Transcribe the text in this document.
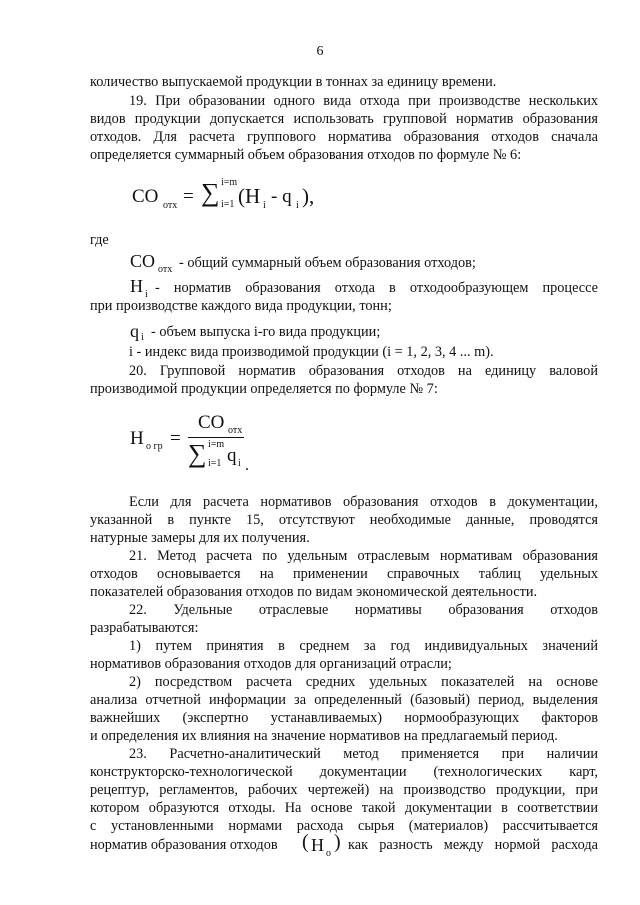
6
количество выпускаемой продукции в тоннах за единицу времени.
19. При образовании одного вида отхода при производстве нескольких
видов продукции допускается использовать групповой норматив образования
отходов. Для расчета группового норматива образования отходов сначала
определяется суммарный объем образования отходов по формуле № 6:
CO отх = ∑ i=m
i=1 (H i - q i ),
где
CO отх - общий суммарный объем образования отходов;
H i - норматив образования отхода в отходообразующем процессе
при производстве каждого вида продукции, тонн;
q i - объем выпуска i-го вида продукции;
i - индекс вида производимой продукции (i = 1, 2, 3, 4 ... m).
20. Групповой норматив образования отходов на единицу валовой
производимой продукции определяется по формуле № 7:
H о гр =
CO отх
∑ i=m
i=1 q i .
Если для расчета нормативов образования отходов в документации,
указанной в пункте 15, отсутствуют необходимые данные, проводятся
натурные замеры для их получения.
21. Метод расчета по удельным отраслевым нормативам образования
отходов основывается на применении справочных таблиц удельных
показателей образования отходов по видам экономической деятельности.
22. Удельные отраслевые нормативы образования отходов
разрабатываются:
1) путем принятия в среднем за год индивидуальных значений
нормативов образования отходов для организаций отрасли;
2) посредством расчета средних удельных показателей на основе
анализа отчетной информации за определенный (базовый) период, выделения
важнейших (экспертно устанавливаемых) нормообразующих факторов
и определения их влияния на значение нормативов на предлагаемый период.
23. Расчетно-аналитический метод применяется при наличии
конструкторско-технологической документации (технологических карт,
рецептур, регламентов, рабочих чертежей) на производство продукции, при
котором образуются отходы. На основе такой документации в соответствии
с установленными нормами расхода сырья (материалов) рассчитывается
норматив образования отходов	( H о
) как разность между нормой расхода
